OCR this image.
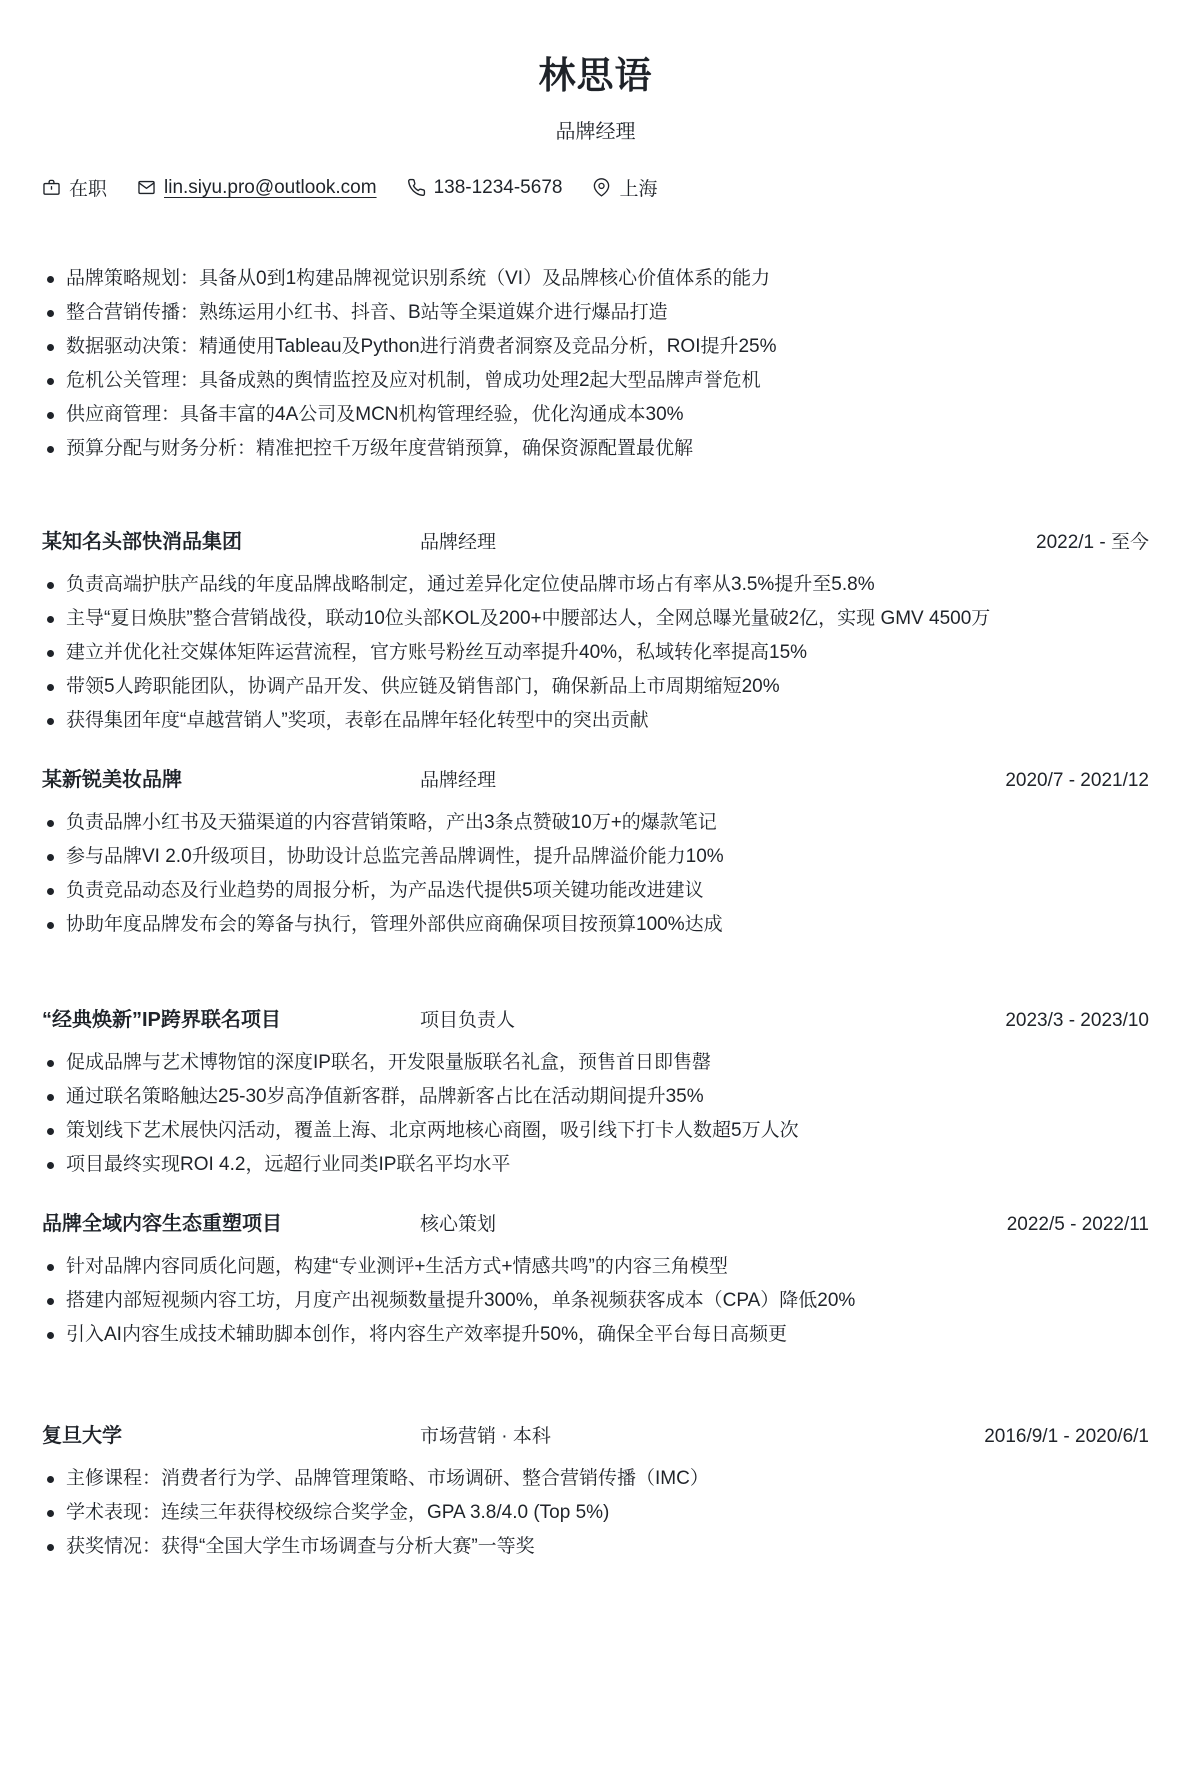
林思语
品牌经理
在职	lin.siyu.pro@outlook.com	138-1234-5678	上海
品牌策略规划：具备从0到1构建品牌视觉识别系统（VI）及品牌核心价值体系的能力
整合营销传播：熟练运用小红书、抖音、B站等全渠道媒介进行爆品打造
数据驱动决策：精通使用Tableau及Python进行消费者洞察及竞品分析，ROI提升25%
危机公关管理：具备成熟的舆情监控及应对机制，曾成功处理2起大型品牌声誉危机
供应商管理：具备丰富的4A公司及MCN机构管理经验，优化沟通成本30%
预算分配与财务分析：精准把控千万级年度营销预算，确保资源配置最优解
某知名头部快消品集团	品牌经理	2022/1 - 至今
负责高端护肤产品线的年度品牌战略制定，通过差异化定位使品牌市场占有率从3.5%提升至5.8%
主导“夏日焕肤”整合营销战役，联动10位头部KOL及200+中腰部达人，全网总曝光量破2亿，实现 GMV 4500万
建立并优化社交媒体矩阵运营流程，官方账号粉丝互动率提升40%，私域转化率提高15%
带领5人跨职能团队，协调产品开发、供应链及销售部门，确保新品上市周期缩短20%
获得集团年度“卓越营销人”奖项，表彰在品牌年轻化转型中的突出贡献
某新锐美妆品牌	品牌经理	2020/7 - 2021/12
负责品牌小红书及天猫渠道的内容营销策略，产出3条点赞破10万+的爆款笔记
参与品牌VI 2.0升级项目，协助设计总监完善品牌调性，提升品牌溢价能力10%
负责竞品动态及行业趋势的周报分析，为产品迭代提供5项关键功能改进建议
协助年度品牌发布会的筹备与执行，管理外部供应商确保项目按预算100%达成
“经典焕新”IP跨界联名项目	项目负责人	2023/3 - 2023/10
促成品牌与艺术博物馆的深度IP联名，开发限量版联名礼盒，预售首日即售罄
通过联名策略触达25-30岁高净值新客群，品牌新客占比在活动期间提升35%
策划线下艺术展快闪活动，覆盖上海、北京两地核心商圈，吸引线下打卡人数超5万人次
项目最终实现ROI 4.2，远超行业同类IP联名平均水平
品牌全域内容生态重塑项目	核心策划	2022/5 - 2022/11
针对品牌内容同质化问题，构建“专业测评+生活方式+情感共鸣”的内容三角模型
搭建内部短视频内容工坊，月度产出视频数量提升300%，单条视频获客成本（CPA）降低20%
引入AI内容生成技术辅助脚本创作，将内容生产效率提升50%，确保全平台每日高频更
复旦大学	市场营销 · 本科	2016/9/1 - 2020/6/1
主修课程：消费者行为学、品牌管理策略、市场调研、整合营销传播（IMC）
学术表现：连续三年获得校级综合奖学金，GPA 3.8/4.0 (Top 5%)
获奖情况：获得“全国大学生市场调查与分析大赛”一等奖
